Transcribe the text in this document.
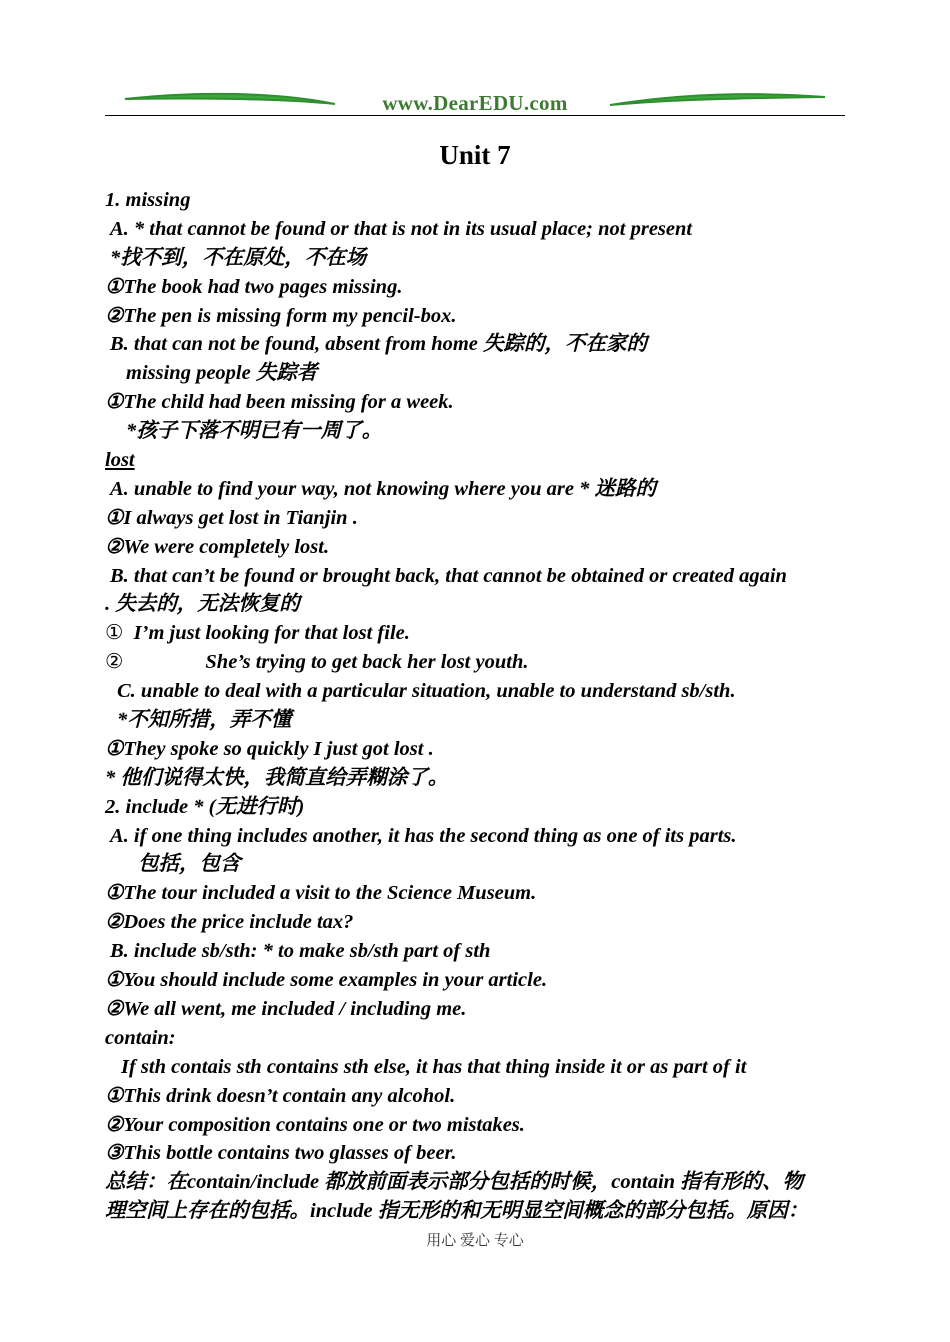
www.DearEDU.com
Unit 7
1. missing
A. * that cannot be found or that is not in its usual place; not present
*找不到，不在原处，不在场
①The book had two pages missing.
②The pen is missing form my pencil-box.
B. that can not be found, absent from home 失踪的，不在家的
missing people 失踪者
①The child had been missing for a week.
*孩子下落不明已有一周了。
lost
A. unable to find your way, not knowing where you are * 迷路的
①I always get lost in Tianjin .
②We were completely lost.
B. that can’t be found or brought back, that cannot be obtained or created again
. 失去的，无法恢复的
① I’m just looking for that lost file.
②	She’s trying to get back her lost youth.
C. unable to deal with a particular situation, unable to understand sb/sth.
*不知所措，弄不懂
①They spoke so quickly I just got lost .
* 他们说得太快，我简直给弄糊涂了。
2. include * (无进行时)
A. if one thing includes another, it has the second thing as one of its parts.
包括，包含
①The tour included a visit to the Science Museum.
②Does the price include tax?
B. include sb/sth: * to make sb/sth part of sth
①You should include some examples in your article.
②We all went, me included / including me.
contain:
If sth contais sth contains sth else, it has that thing inside it or as part of it
①This drink doesn’t contain any alcohol.
②Your composition contains one or two mistakes.
③This bottle contains two glasses of beer.
总结：在contain/include 都放前面表示部分包括的时候，contain 指有形的、物
理空间上存在的包括。include 指无形的和无明显空间概念的部分包括。原因：
用心 爱心 专心
